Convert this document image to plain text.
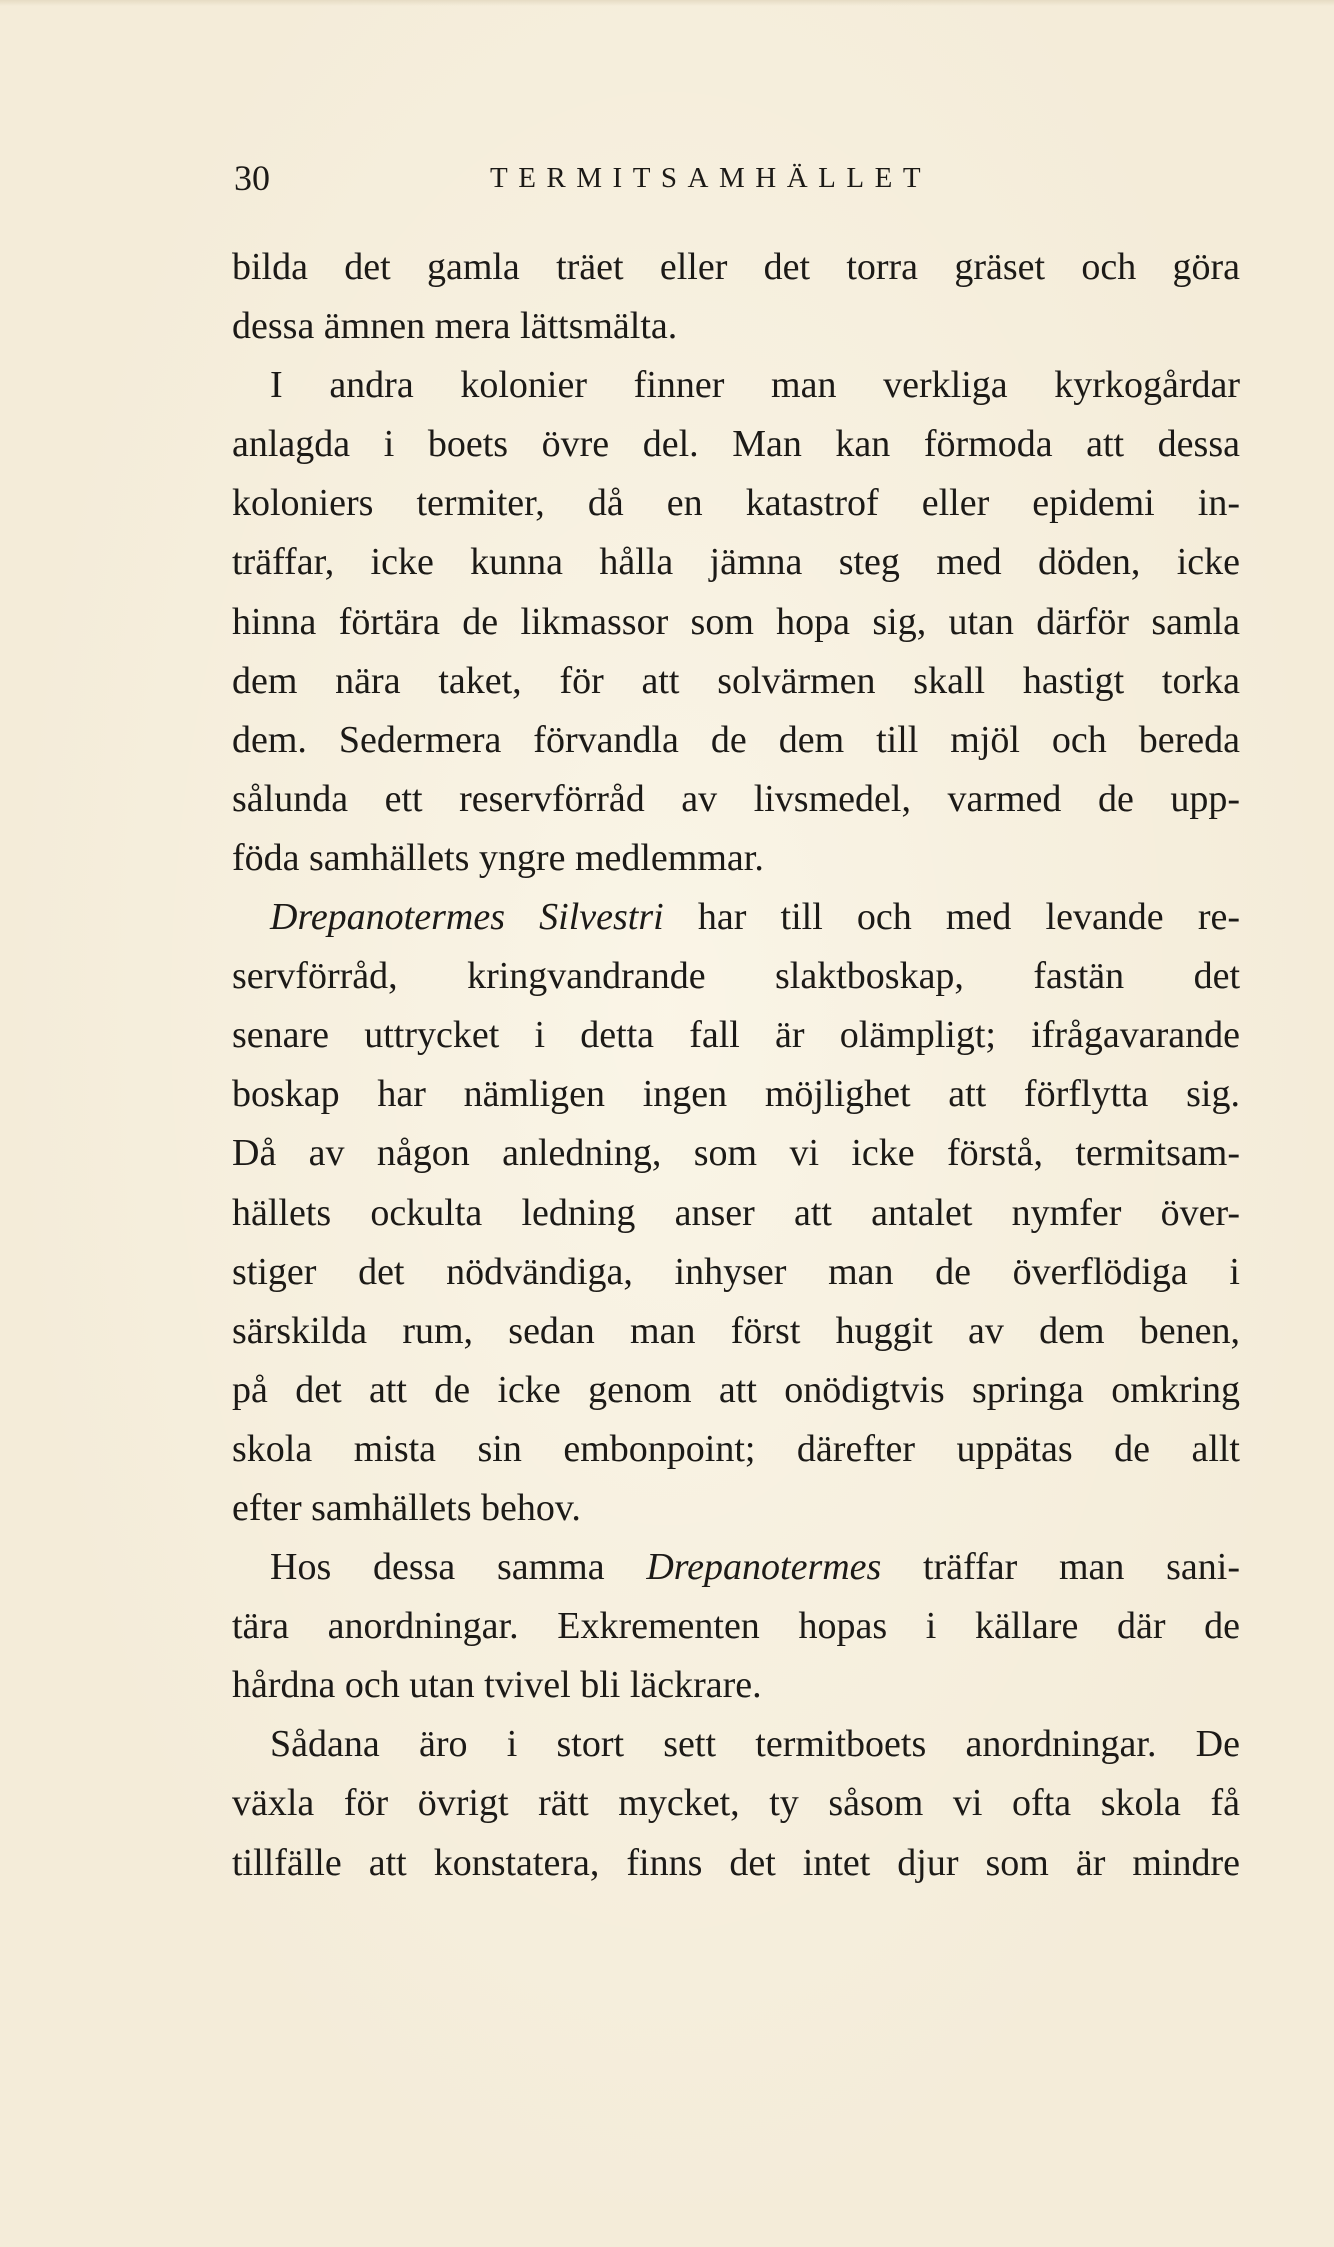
30	TERMITSAMHÄLLET
bilda det gamla träet eller det torra gräset och göra
dessa ämnen mera lättsmälta.
I andra kolonier finner man verkliga kyrkogårdar
anlagda i boets övre del. Man kan förmoda att dessa
koloniers termiter, då en katastrof eller epidemi in-
träffar, icke kunna hålla jämna steg med döden, icke
hinna förtära de likmassor som hopa sig, utan därför samla
dem nära taket, för att solvärmen skall hastigt torka
dem. Sedermera förvandla de dem till mjöl och bereda
sålunda ett reservförråd av livsmedel, varmed de upp-
föda samhällets yngre medlemmar.
Drepanotermes Silvestri har till och med levande re-
servförråd, kringvandrande slaktboskap, fastän det
senare uttrycket i detta fall är olämpligt; ifrågavarande
boskap har nämligen ingen möjlighet att förflytta sig.
Då av någon anledning, som vi icke förstå, termitsam-
hällets ockulta ledning anser att antalet nymfer över-
stiger det nödvändiga, inhyser man de överflödiga i
särskilda rum, sedan man först huggit av dem benen,
på det att de icke genom att onödigtvis springa omkring
skola mista sin embonpoint; därefter uppätas de allt
efter samhällets behov.
Hos dessa samma Drepanotermes träffar man sani-
tära anordningar. Exkrementen hopas i källare där de
hårdna och utan tvivel bli läckrare.
Sådana äro i stort sett termitboets anordningar. De
växla för övrigt rätt mycket, ty såsom vi ofta skola få
tillfälle att konstatera, finns det intet djur som är mindre
